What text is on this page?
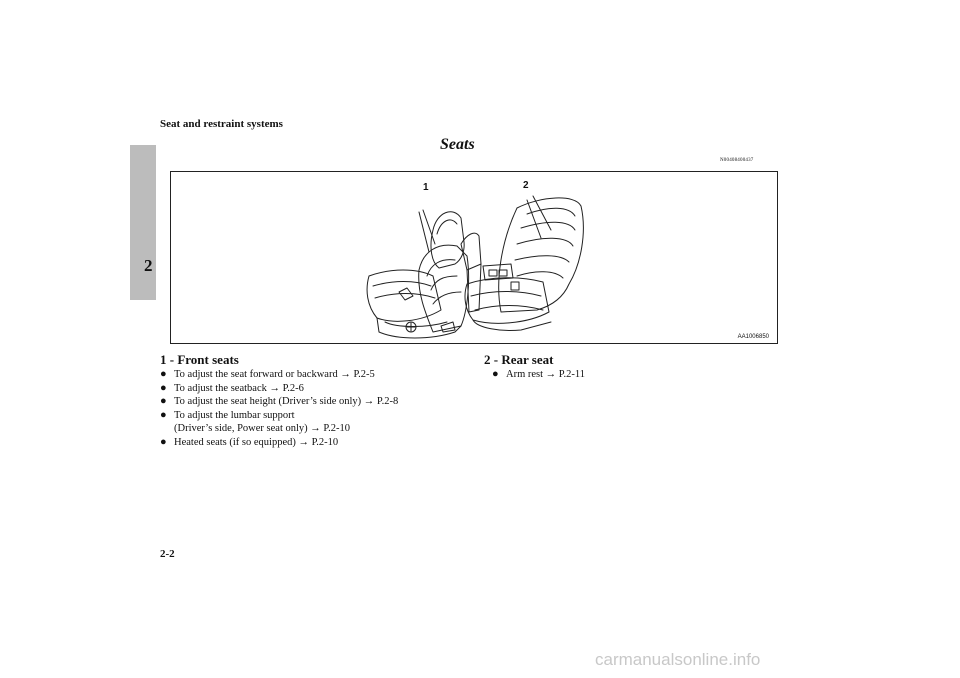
Seat and restraint systems
2
Seats
N00408400437
1	2
AA1006850
1 - Front seats
● To adjust the seat forward or backward → P.2-5
● To adjust the seatback → P.2-6
● To adjust the seat height (Driver’s side only) → P.2-8
● To adjust the lumbar support
(Driver’s side, Power seat only) → P.2-10
● Heated seats (if so equipped) → P.2-10
2 - Rear seat
● Arm rest → P.2-11
2-2
carmanualsonline.info
